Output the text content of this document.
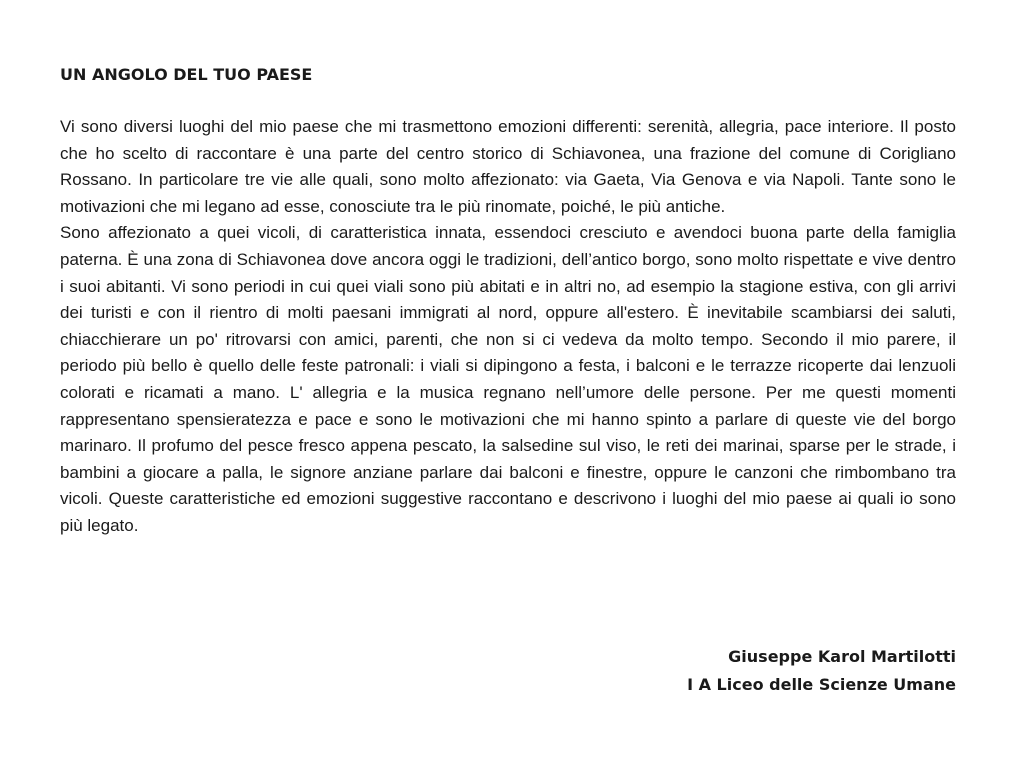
UN ANGOLO DEL TUO PAESE

Vi sono diversi luoghi del mio paese che mi trasmettono emozioni differenti: serenità, allegria, pace interiore. Il posto che ho scelto di raccontare è una parte del centro storico di Schiavonea, una frazione del comune di Corigliano Rossano. In particolare tre vie alle quali, sono molto affezionato: via Gaeta, Via Genova e via Napoli. Tante sono le motivazioni che mi legano ad esse, conosciute tra le più rinomate, poiché, le più antiche.

Sono affezionato a quei vicoli, di caratteristica innata, essendoci cresciuto e avendoci buona parte della famiglia paterna. È una zona di Schiavonea dove ancora oggi le tradizioni, dell’antico borgo, sono molto rispettate e vive dentro i suoi abitanti. Vi sono periodi in cui quei viali sono più abitati e in altri no, ad esempio la stagione estiva, con gli arrivi dei turisti e con il rientro di molti paesani immigrati al nord, oppure all'estero. È inevitabile scambiarsi dei saluti, chiacchierare un po' ritrovarsi con amici, parenti, che non si ci vedeva da molto tempo. Secondo il mio parere, il periodo più bello è quello delle feste patronali: i viali si dipingono a festa, i balconi e le terrazze ricoperte dai lenzuoli colorati e ricamati a mano. L' allegria e la musica regnano nell’umore delle persone. Per me questi momenti rappresentano spensieratezza e pace e sono le motivazioni che mi hanno spinto a parlare di queste vie del borgo marinaro. Il profumo del pesce fresco appena pescato, la salsedine sul viso, le reti dei marinai, sparse per le strade, i bambini a giocare a palla, le signore anziane parlare dai balconi e finestre, oppure le canzoni che rimbombano tra vicoli. Queste caratteristiche ed emozioni suggestive raccontano e descrivono i luoghi del mio paese ai quali io sono più legato.

Giuseppe Karol Martilotti
I A Liceo delle Scienze Umane
